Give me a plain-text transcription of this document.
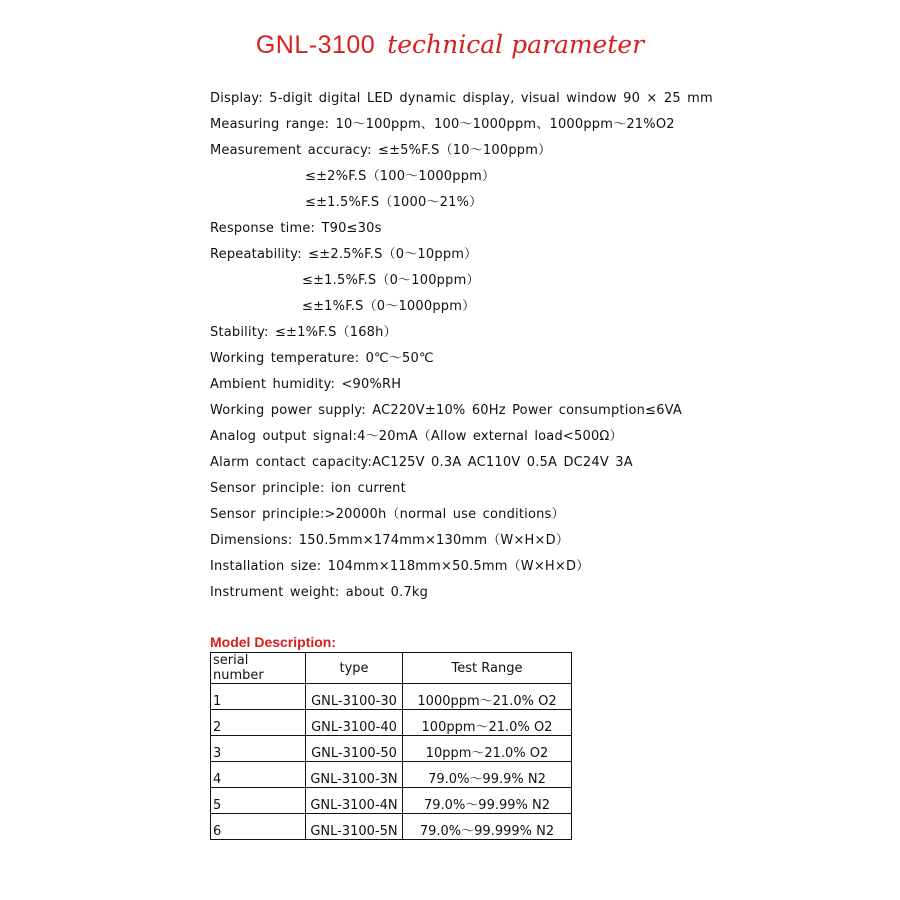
GNL-3100 technical parameter
Display: 5-digit digital LED dynamic display, visual window 90 × 25 mm
Measuring range: 10～100ppm、100～1000ppm、1000ppm～21%O2
Measurement accuracy: ≤±5%F.S（10～100ppm）
≤±2%F.S（100～1000ppm）
≤±1.5%F.S（1000～21%）
Response time: T90≤30s
Repeatability: ≤±2.5%F.S（0～10ppm）
≤±1.5%F.S（0～100ppm）
≤±1%F.S（0～1000ppm）
Stability: ≤±1%F.S（168h）
Working temperature: 0℃～50℃
Ambient humidity: <90%RH
Working power supply: AC220V±10% 60Hz Power consumption≤6VA
Analog output signal:4～20mA（Allow external load<500Ω）
Alarm contact capacity:AC125V 0.3A AC110V 0.5A DC24V 3A
Sensor principle: ion current
Sensor principle:>20000h（normal use conditions）
Dimensions: 150.5mm×174mm×130mm（W×H×D）
Installation size: 104mm×118mm×50.5mm（W×H×D）
Instrument weight: about 0.7kg
Model Description:
serial number	type	Test Range
1	GNL-3100-30	1000ppm～21.0% O2
2	GNL-3100-40	100ppm～21.0% O2
3	GNL-3100-50	10ppm～21.0% O2
4	GNL-3100-3N	79.0%～99.9% N2
5	GNL-3100-4N	79.0%～99.99% N2
6	GNL-3100-5N	79.0%～99.999% N2
